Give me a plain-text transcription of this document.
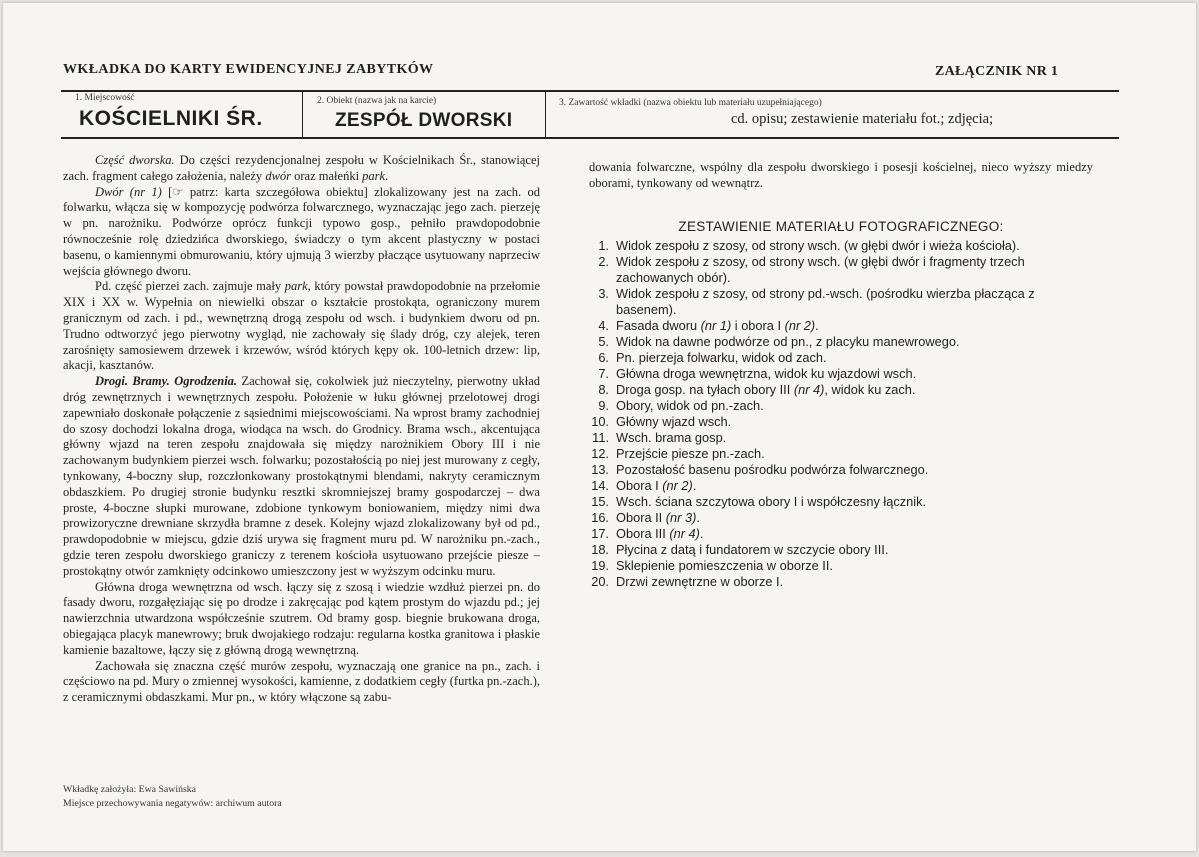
WKŁADKA DO KARTY EWIDENCYJNEJ ZABYTKÓW	ZAŁĄCZNIK NR 1
1. Miejscowość
KOŚCIELNIKI ŚR.
2. Obiekt (nazwa jak na karcie)
ZESPÓŁ DWORSKI
3. Zawartość wkładki (nazwa obiektu lub materiału uzupełniającego)
cd. opisu; zestawienie materiału fot.; zdjęcia;

Część dworska. Do części rezydencjonalnej zespołu w Kościelnikach Śr., stanowiącej zach. fragment całego założenia, należy dwór oraz małeńki park.

Dwór (nr 1) [☞ patrz: karta szczegółowa obiektu] zlokalizowany jest na zach. od folwarku, włącza się w kompozycję podwórza folwarcznego, wyznaczając jego zach. pierzeję w pn. narożniku. Podwórze oprócz funkcji typowo gosp., pełniło prawdopodobnie równocześnie rolę dziedzińca dworskiego, świadczy o tym akcent plastyczny w postaci basenu, o kamiennymi obmurowaniu, który ujmują 3 wierzby płaczące usytuowany naprzeciw wejścia głównego dworu.

Pd. część pierzei zach. zajmuje mały park, który powstał prawdopodobnie na przełomie XIX i XX w. Wypełnia on niewielki obszar o kształcie prostokąta, ograniczony murem granicznym od zach. i pd., wewnętrzną drogą zespołu od wsch. i budynkiem dworu od pn. Trudno odtworzyć jego pierwotny wygląd, nie zachowały się ślady dróg, czy alejek, teren zarośnięty samosiewem drzewek i krzewów, wśród których kępy ok. 100-letnich drzew: lip, akacji, kasztanów.

Drogi. Bramy. Ogrodzenia. Zachował się, cokolwiek już nieczytelny, pierwotny układ dróg zewnętrznych i wewnętrznych zespołu. Położenie w łuku głównej przelotowej drogi zapewniało doskonałe połączenie z sąsiednimi miejscowościami. Na wprost bramy zachodniej do szosy dochodzi lokalna droga, wiodąca na wsch. do Grodnicy. Brama wsch., akcentująca główny wjazd na teren zespołu znajdowała się między narożnikiem Obory III i nie zachowanym budynkiem pierzei wsch. folwarku; pozostałością po niej jest murowany z cegły, tynkowany, 4-boczny słup, rozczłonkowany prostokątnymi blendami, nakryty ceramicznym obdaszkiem. Po drugiej stronie budynku resztki skromniejszej bramy gospodarczej – dwa proste, 4-boczne słupki murowane, zdobione tynkowym boniowaniem, między nimi dwa prowizoryczne drewniane skrzydła bramne z desek. Kolejny wjazd zlokalizowany był od pd., prawdopodobnie w miejscu, gdzie dziś urywa się fragment muru pd. W narożniku pn.-zach., gdzie teren zespołu dworskiego graniczy z terenem kościoła usytuowano przejście piesze – prostokątny otwór zamknięty odcinkowo umieszczony jest w wyższym odcinku muru.

Główna droga wewnętrzna od wsch. łączy się z szosą i wiedzie wzdłuż pierzei pn. do fasady dworu, rozgałęziając się po drodze i zakręcając pod kątem prostym do wjazdu pd.; jej nawierzchnia utwardzona współcześnie szutrem. Od bramy gosp. biegnie brukowana droga, obiegająca placyk manewrowy; bruk dwojakiego rodzaju: regularna kostka granitowa i płaskie kamienie bazaltowe, łączy się z główną drogą wewnętrzną.

Zachowała się znaczna część murów zespołu, wyznaczają one granice na pn., zach. i częściowo na pd. Mury o zmiennej wysokości, kamienne, z dodatkiem cegły (furtka pn.-zach.), z ceramicznymi obdaszkami. Mur pn., w który włączone są zabu-

dowania folwarczne, wspólny dla zespołu dworskiego i posesji kościelnej, nieco wyższy miedzy oborami, tynkowany od wewnątrz.

ZESTAWIENIE MATERIAŁU FOTOGRAFICZNEGO:
1. Widok zespołu z szosy, od strony wsch. (w głębi dwór i wieża kościoła).
2. Widok zespołu z szosy, od strony wsch. (w głębi dwór i fragmenty trzech zachowanych obór).
3. Widok zespołu z szosy, od strony pd.-wsch. (pośrodku wierzba płacząca z basenem).
4. Fasada dworu (nr 1) i obora I (nr 2).
5. Widok na dawne podwórze od pn., z placyku manewrowego.
6. Pn. pierzeja folwarku, widok od zach.
7. Główna droga wewnętrzna, widok ku wjazdowi wsch.
8. Droga gosp. na tyłach obory III (nr 4), widok ku zach.
9. Obory, widok od pn.-zach.
10. Główny wjazd wsch.
11. Wsch. brama gosp.
12. Przejście piesze pn.-zach.
13. Pozostałość basenu pośrodku podwórza folwarcznego.
14. Obora I (nr 2).
15. Wsch. ściana szczytowa obory I i współczesny łącznik.
16. Obora II (nr 3).
17. Obora III (nr 4).
18. Płycina z datą i fundatorem w szczycie obory III.
19. Sklepienie pomieszczenia w oborze II.
20. Drzwi zewnętrzne w oborze I.
Wkładkę założyła: Ewa Sawińska
Miejsce przechowywania negatywów: archiwum autora
